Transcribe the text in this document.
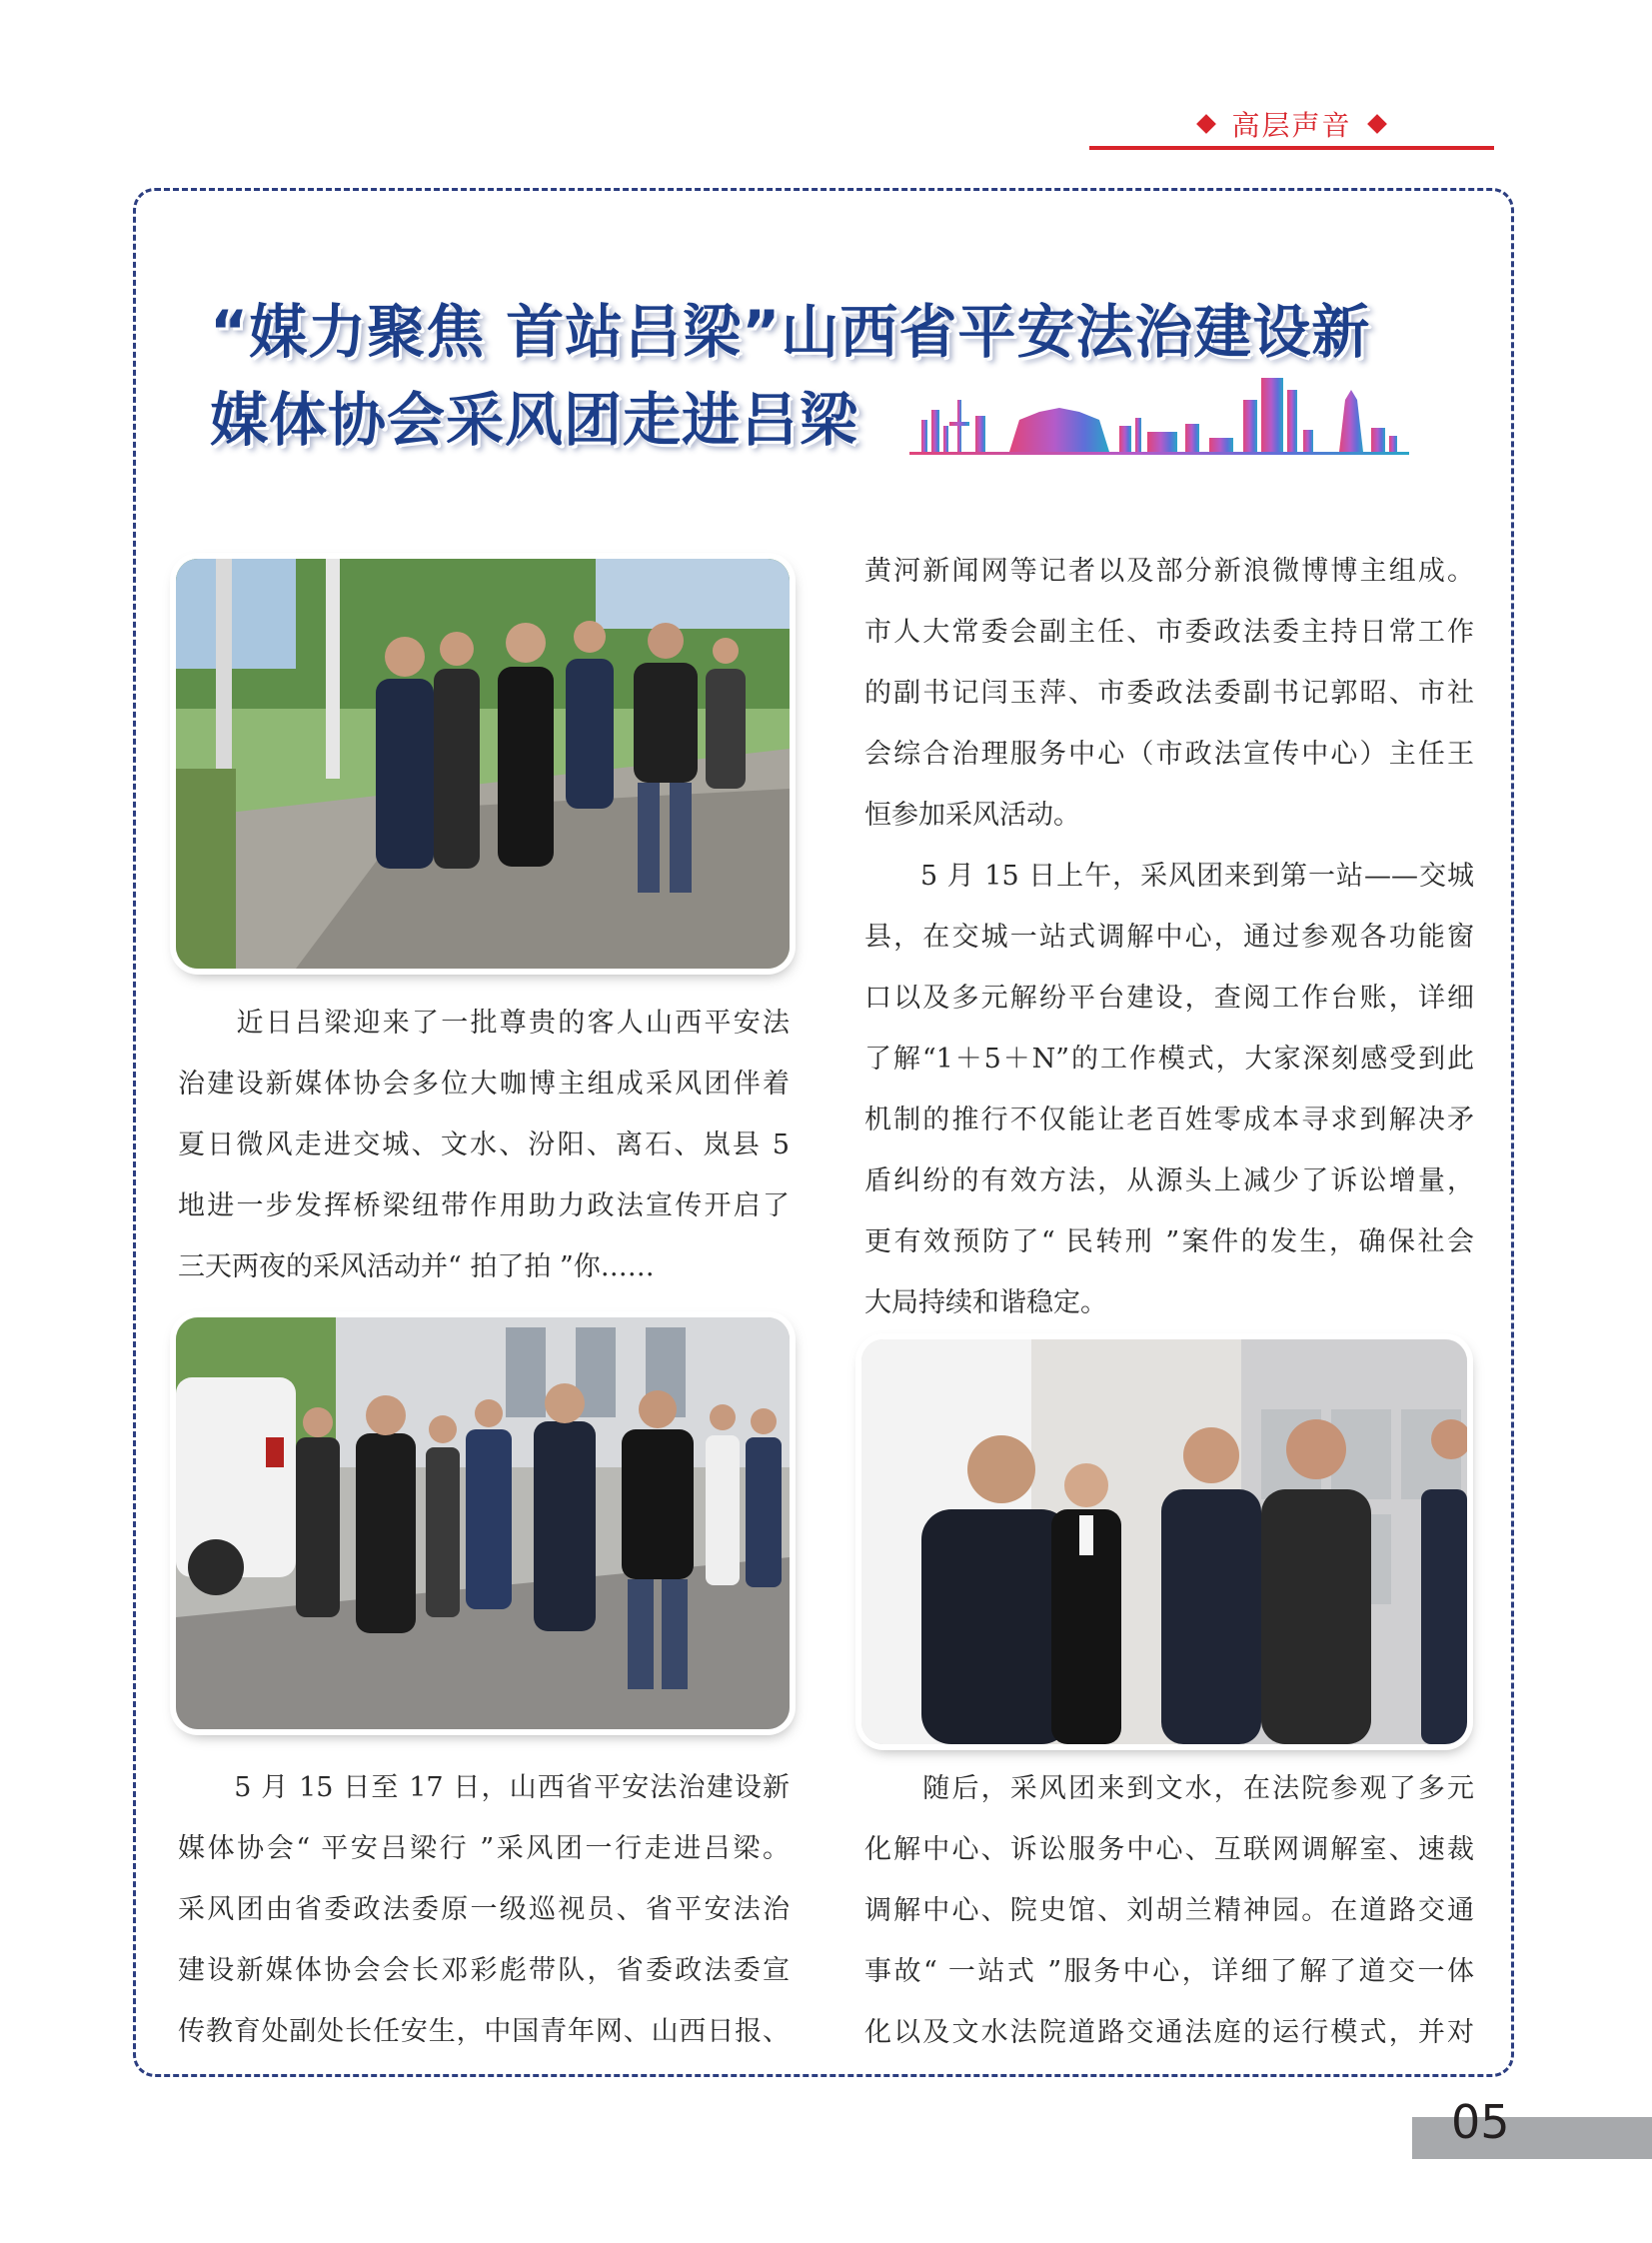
高层声音
“媒力聚焦 首站吕梁”山西省平安法治建设新
媒体协会采风团走进吕梁
　　近日吕梁迎来了一批尊贵的客人山西平安法
治建设新媒体协会多位大咖博主组成采风团伴着
夏日微风走进交城、文水、汾阳、离石、岚县 5
地进一步发挥桥梁纽带作用助力政法宣传开启了
三天两夜的采风活动并“ 拍了拍 ”你……
　　5 月 15 日至 17 日，山西省平安法治建设新
媒体协会“ 平安吕梁行 ”采风团一行走进吕梁。
采风团由省委政法委原一级巡视员、省平安法治
建设新媒体协会会长邓彩彪带队，省委政法委宣
传教育处副处长任安生，中国青年网、山西日报、
黄河新闻网等记者以及部分新浪微博博主组成。
市人大常委会副主任、市委政法委主持日常工作
的副书记闫玉萍、市委政法委副书记郭昭、市社
会综合治理服务中心（市政法宣传中心）主任王
恒参加采风活动。
　　5 月 15 日上午，采风团来到第一站——交城
县，在交城一站式调解中心，通过参观各功能窗
口以及多元解纷平台建设，查阅工作台账，详细
了解“1＋5＋N”的工作模式，大家深刻感受到此
机制的推行不仅能让老百姓零成本寻求到解决矛
盾纠纷的有效方法，从源头上减少了诉讼增量，
更有效预防了“ 民转刑 ”案件的发生，确保社会
大局持续和谐稳定。
　　随后，采风团来到文水，在法院参观了多元
化解中心、诉讼服务中心、互联网调解室、速裁
调解中心、院史馆、刘胡兰精神园。在道路交通
事故“ 一站式 ”服务中心，详细了解了道交一体
化以及文水法院道路交通法庭的运行模式，并对
05
